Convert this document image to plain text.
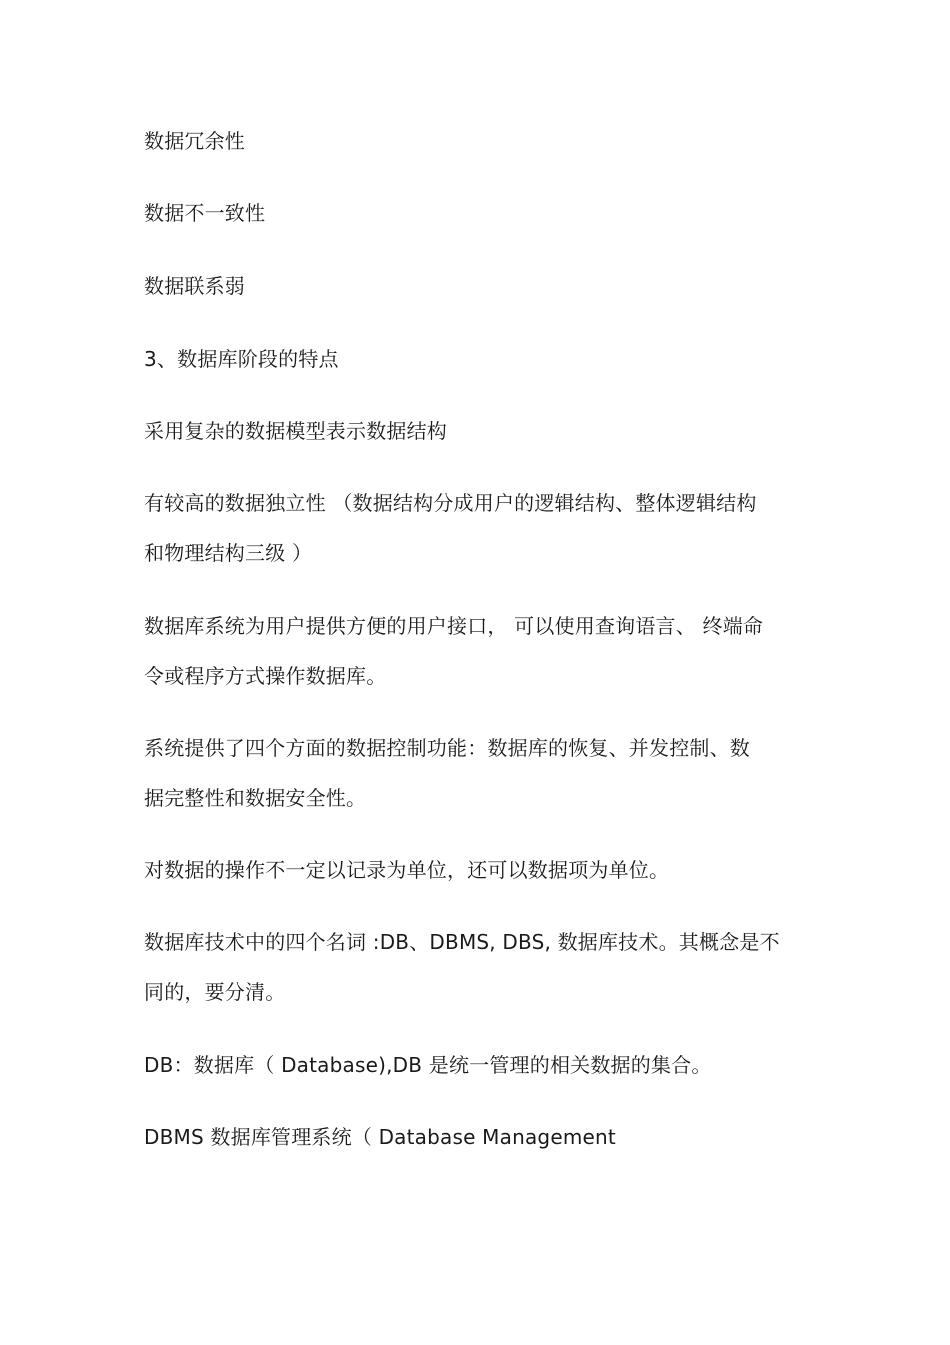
数据冗余性
数据不一致性
数据联系弱
3、数据库阶段的特点
采用复杂的数据模型表示数据结构
有较高的数据独立性 （数据结构分成用户的逻辑结构、整体逻辑结构
和物理结构三级 ）
数据库系统为用户提供方便的用户接口， 可以使用查询语言、 终端命
令或程序方式操作数据库。
系统提供了四个方面的数据控制功能：数据库的恢复、并发控制、数
据完整性和数据安全性。
对数据的操作不一定以记录为单位，还可以数据项为单位。
数据库技术中的四个名词 :DB、DBMS, DBS, 数据库技术。其概念是不
同的，要分清。
DB：数据库（ Database),DB 是统一管理的相关数据的集合。
DBMS 数据库管理系统（ Database Management
